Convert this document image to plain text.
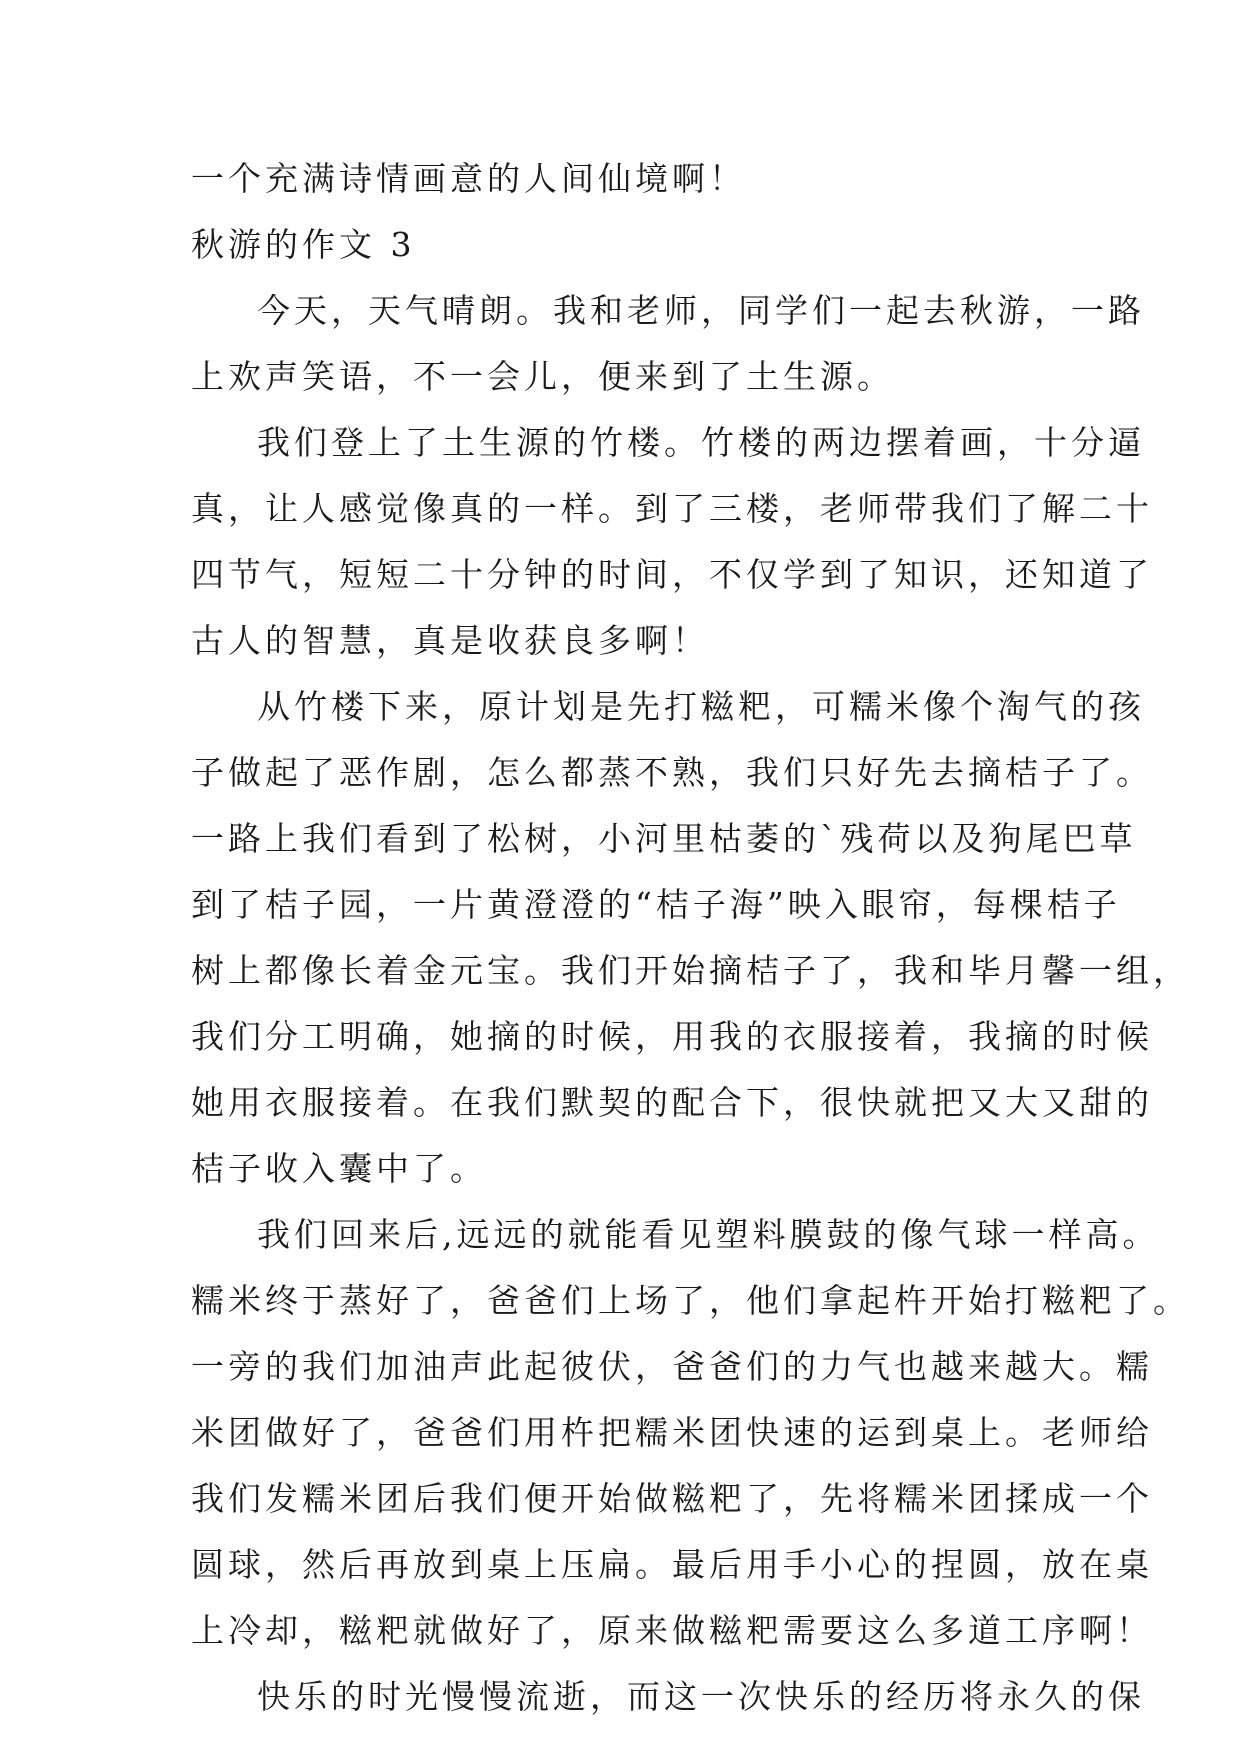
一个充满诗情画意的人间仙境啊！
秋游的作文 3
今天，天气晴朗。我和老师，同学们一起去秋游，一路
上欢声笑语，不一会儿，便来到了土生源。
我们登上了土生源的竹楼。竹楼的两边摆着画，十分逼
真，让人感觉像真的一样。到了三楼，老师带我们了解二十
四节气，短短二十分钟的时间，不仅学到了知识，还知道了
古人的智慧，真是收获良多啊！
从竹楼下来，原计划是先打糍粑，可糯米像个淘气的孩
子做起了恶作剧，怎么都蒸不熟，我们只好先去摘桔子了。
一路上我们看到了松树，小河里枯萎的`残荷以及狗尾巴草
到了桔子园，一片黄澄澄的“桔子海”映入眼帘，每棵桔子
树上都像长着金元宝。我们开始摘桔子了，我和毕月馨一组，
我们分工明确，她摘的时候，用我的衣服接着，我摘的时候
她用衣服接着。在我们默契的配合下，很快就把又大又甜的
桔子收入囊中了。
我们回来后,远远的就能看见塑料膜鼓的像气球一样高。
糯米终于蒸好了，爸爸们上场了，他们拿起杵开始打糍粑了。
一旁的我们加油声此起彼伏，爸爸们的力气也越来越大。糯
米团做好了，爸爸们用杵把糯米团快速的运到桌上。老师给
我们发糯米团后我们便开始做糍粑了，先将糯米团揉成一个
圆球，然后再放到桌上压扁。最后用手小心的捏圆，放在桌
上冷却，糍粑就做好了，原来做糍粑需要这么多道工序啊！
快乐的时光慢慢流逝，而这一次快乐的经历将永久的保
